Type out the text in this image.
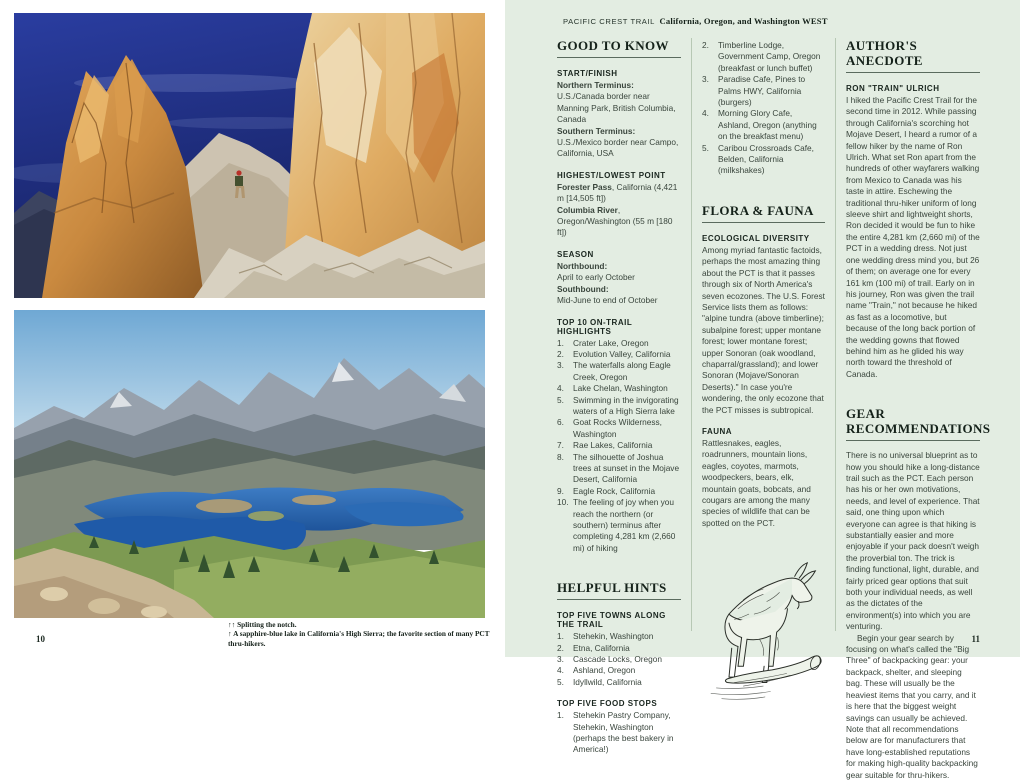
10
↑↑ Splitting the notch.
↑ A sapphire-blue lake in California's High Sierra; the favorite section of many PCT thru-hikers.
PACIFIC CREST TRAIL California, Oregon, and Washington WEST
GOOD TO KNOW
START/FINISH
Northern Terminus:
U.S./Canada border near Manning Park, British Columbia, Canada
Southern Terminus:
U.S./Mexico border near Campo, California, USA
HIGHEST/LOWEST POINT
Forester Pass, California (4,421 m [14,505 ft])
Columbia River, Oregon/Washington (55 m [180 ft])
SEASON
Northbound:
April to early October
Southbound:
Mid-June to end of October
TOP 10 ON-TRAIL HIGHLIGHTS
Crater Lake, Oregon
Evolution Valley, California
The waterfalls along Eagle Creek, Oregon
Lake Chelan, Washington
Swimming in the invigorating waters of a High Sierra lake
Goat Rocks Wilderness, Washington
Rae Lakes, California
The silhouette of Joshua trees at sunset in the Mojave Desert, California
Eagle Rock, California
The feeling of joy when you reach the northern (or southern) terminus after completing 4,281 km (2,660 mi) of hiking
HELPFUL HINTS
TOP FIVE TOWNS ALONG THE TRAIL
Stehekin, Washington
Etna, California
Cascade Locks, Oregon
Ashland, Oregon
Idyllwild, California
TOP FIVE FOOD STOPS
Stehekin Pastry Company, Stehekin, Washington (perhaps the best bakery in America!)
Timberline Lodge, Government Camp, Oregon (breakfast or lunch buffet)
Paradise Cafe, Pines to Palms HWY, California (burgers)
Morning Glory Cafe, Ashland, Oregon (anything on the breakfast menu)
Caribou Crossroads Cafe, Belden, California (milkshakes)
FLORA & FAUNA
ECOLOGICAL DIVERSITY

Among myriad fantastic factoids, perhaps the most amazing thing about the PCT is that it passes through six of North America's seven ecozones. The U.S. Forest Service lists them as follows: "alpine tundra (above timberline); subalpine forest; upper montane forest; lower montane forest; upper Sonoran (oak woodland, chaparral/grassland); and lower Sonoran (Mojave/Sonoran Deserts)." In case you're wondering, the only ecozone that the PCT misses is subtropical.

FAUNA

Rattlesnakes, eagles, roadrunners, mountain lions, eagles, coyotes, marmots, woodpeckers, bears, elk, mountain goats, bobcats, and cougars are among the many species of wildlife that can be spotted on the PCT.

AUTHOR'S ANECDOTE
RON "TRAIN" ULRICH

I hiked the Pacific Crest Trail for the second time in 2012. While passing through California's scorching hot Mojave Desert, I heard a rumor of a fellow hiker by the name of Ron Ulrich. What set Ron apart from the hundreds of other wayfarers walking from Mexico to Canada was his taste in attire. Eschewing the traditional thru-hiker uniform of long sleeve shirt and lightweight shorts, Ron decided it would be fun to hike the entire 4,281 km (2,660 mi) of the PCT in a wedding dress. Not just one wedding dress mind you, but 26 of them; on average one for every 161 km (100 mi) of trail. Early on in his journey, Ron was given the trail name "Train," not because he hiked as fast as a locomotive, but because of the long back portion of the wedding gowns that flowed behind him as he glided his way north toward the threshold of Canada.

GEAR RECOMMENDATIONS

There is no universal blueprint as to how you should hike a long-distance trail such as the PCT. Each person has his or her own motivations, needs, and level of experience. That said, one thing upon which everyone can agree is that hiking is substantially easier and more enjoyable if your pack doesn't weigh the proverbial ton. The trick is finding functional, light, durable, and fairly priced gear options that suit both your individual needs, as well as the dictates of the environment(s) into which you are venturing.

Begin your gear search by focusing on what's called the "Big Three" of backpacking gear: your backpack, shelter, and sleeping bag. These will usually be the heaviest items that you carry, and it is here that the biggest weight savings can usually be achieved. Note that all recommendations below are for manufacturers that have long-established reputations for making high-quality backpacking gear suitable for thru-hikers.

11
